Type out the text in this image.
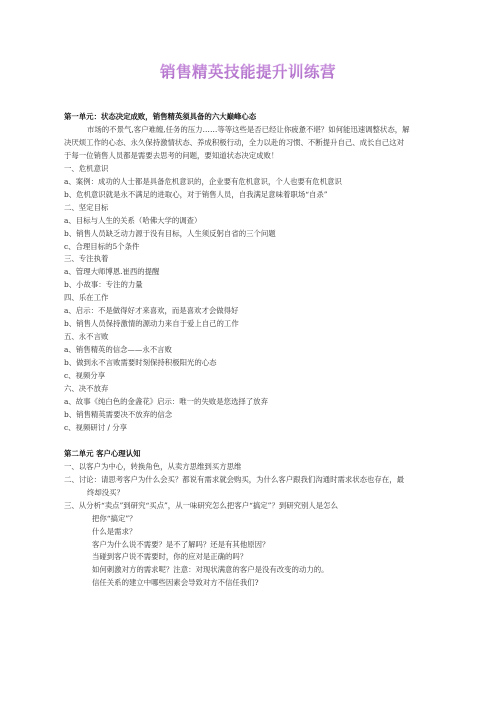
销售精英技能提升训练营
第一单元：状态决定成败，销售精英须具备的六大巅峰心态
市场的不景气,客户难缠,任务的压力……等等这些是否已经让你疲惫不堪？如何能迅速调整状态，解
决厌烦工作的心态、永久保持激情状态、养成积极行动，全力以赴的习惯、不断提升自己、成长自己这对
于每一位销售人员都是需要去思考的问题，要知道状态决定成败！
一、危机意识
a、案例：成功的人士都是具备危机意识的，企业要有危机意识，个人也要有危机意识
b、危机意识就是永不满足的进取心，对于销售人员，自我满足意味着职场“自杀”
二、坚定目标
a、目标与人生的关系（哈佛大学的调查）
b、销售人员缺乏动力源于没有目标，人生须反躬自省的三个问题
c、合理目标的5个条件
三、专注执着
a、管理大师博恩.崔西的提醒
b、小故事：专注的力量
四、乐在工作
a、启示：不是做得好才来喜欢，而是喜欢才会做得好
b、销售人员保持激情的源动力来自于爱上自己的工作
五、永不言败
a、销售精英的信念——永不言败
b、做到永不言败需要时刻保持积极阳光的心态
c、视频分享
六、决不放弃
a、故事《纯白色的金盏花》启示：唯一的失败是您选择了放弃
b、销售精英需要决不放弃的信念
c、视频研讨 / 分享
第二单元 客户心理认知
一、以客户为中心，转换角色，从卖方思维到买方思维
二、讨论：请思考客户为什么会买？都说有需求就会购买，为什么客户跟我们沟通时需求状态也存在，最
终却没买？
三、从分析“卖点”到研究“买点”，从一味研究怎么把客户“搞定”？到研究别人是怎么
把你“搞定”？
什么是需求？
客户为什么说不需要？是不了解吗？还是有其他原因？
当碰到客户说不需要时，你的应对是正确的吗？
如何刺激对方的需求呢？注意：对现状满意的客户是没有改变的动力的。
信任关系的建立中哪些因素会导致对方不信任我们?
